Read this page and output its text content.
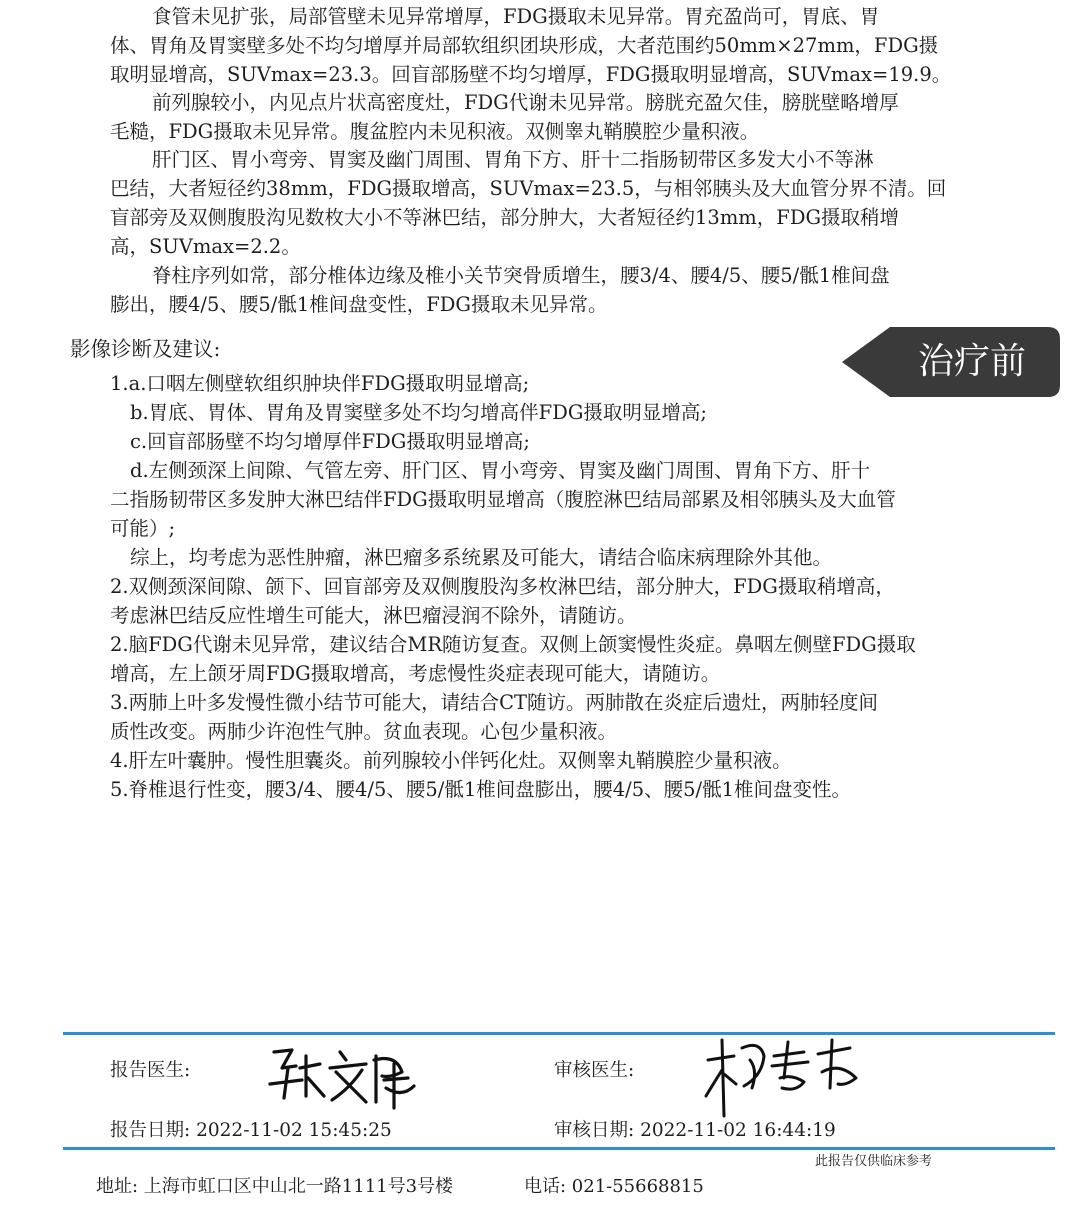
食管未见扩张，局部管壁未见异常增厚，FDG摄取未见异常。胃充盈尚可，胃底、胃
体、胃角及胃窦壁多处不均匀增厚并局部软组织团块形成，大者范围约50mm×27mm，FDG摄
取明显增高，SUVmax=23.3。回盲部肠壁不均匀增厚，FDG摄取明显增高，SUVmax=19.9。
前列腺较小，内见点片状高密度灶，FDG代谢未见异常。膀胱充盈欠佳，膀胱壁略增厚
毛糙，FDG摄取未见异常。腹盆腔内未见积液。双侧睾丸鞘膜腔少量积液。
肝门区、胃小弯旁、胃窦及幽门周围、胃角下方、肝十二指肠韧带区多发大小不等淋
巴结，大者短径约38mm，FDG摄取增高，SUVmax=23.5，与相邻胰头及大血管分界不清。回
盲部旁及双侧腹股沟见数枚大小不等淋巴结，部分肿大，大者短径约13mm，FDG摄取稍增
高，SUVmax=2.2。
脊柱序列如常，部分椎体边缘及椎小关节突骨质增生，腰3/4、腰4/5、腰5/骶1椎间盘
膨出，腰4/5、腰5/骶1椎间盘变性，FDG摄取未见异常。
影像诊断及建议:	治疗前
1.a.口咽左侧壁软组织肿块伴FDG摄取明显增高;
b.胃底、胃体、胃角及胃窦壁多处不均匀增高伴FDG摄取明显增高;
c.回盲部肠壁不均匀增厚伴FDG摄取明显增高;
d.左侧颈深上间隙、气管左旁、肝门区、胃小弯旁、胃窦及幽门周围、胃角下方、肝十
二指肠韧带区多发肿大淋巴结伴FDG摄取明显增高（腹腔淋巴结局部累及相邻胰头及大血管
可能）;
综上，均考虑为恶性肿瘤，淋巴瘤多系统累及可能大，请结合临床病理除外其他。
2.双侧颈深间隙、颌下、回盲部旁及双侧腹股沟多枚淋巴结，部分肿大，FDG摄取稍增高，
考虑淋巴结反应性增生可能大，淋巴瘤浸润不除外，请随访。
2.脑FDG代谢未见异常，建议结合MR随访复查。双侧上颌窦慢性炎症。鼻咽左侧壁FDG摄取
增高，左上颌牙周FDG摄取增高，考虑慢性炎症表现可能大，请随访。
3.两肺上叶多发慢性微小结节可能大，请结合CT随访。两肺散在炎症后遗灶，两肺轻度间
质性改变。两肺少许泡性气肿。贫血表现。心包少量积液。
4.肝左叶囊肿。慢性胆囊炎。前列腺较小伴钙化灶。双侧睾丸鞘膜腔少量积液。
5.脊椎退行性变，腰3/4、腰4/5、腰5/骶1椎间盘膨出，腰4/5、腰5/骶1椎间盘变性。
报告医生:	审核医生:
报告日期: 2022-11-02 15:45:25	审核日期: 2022-11-02 16:44:19
此报告仅供临床参考
地址: 上海市虹口区中山北一路1111号3号楼	电话: 021-55668815
